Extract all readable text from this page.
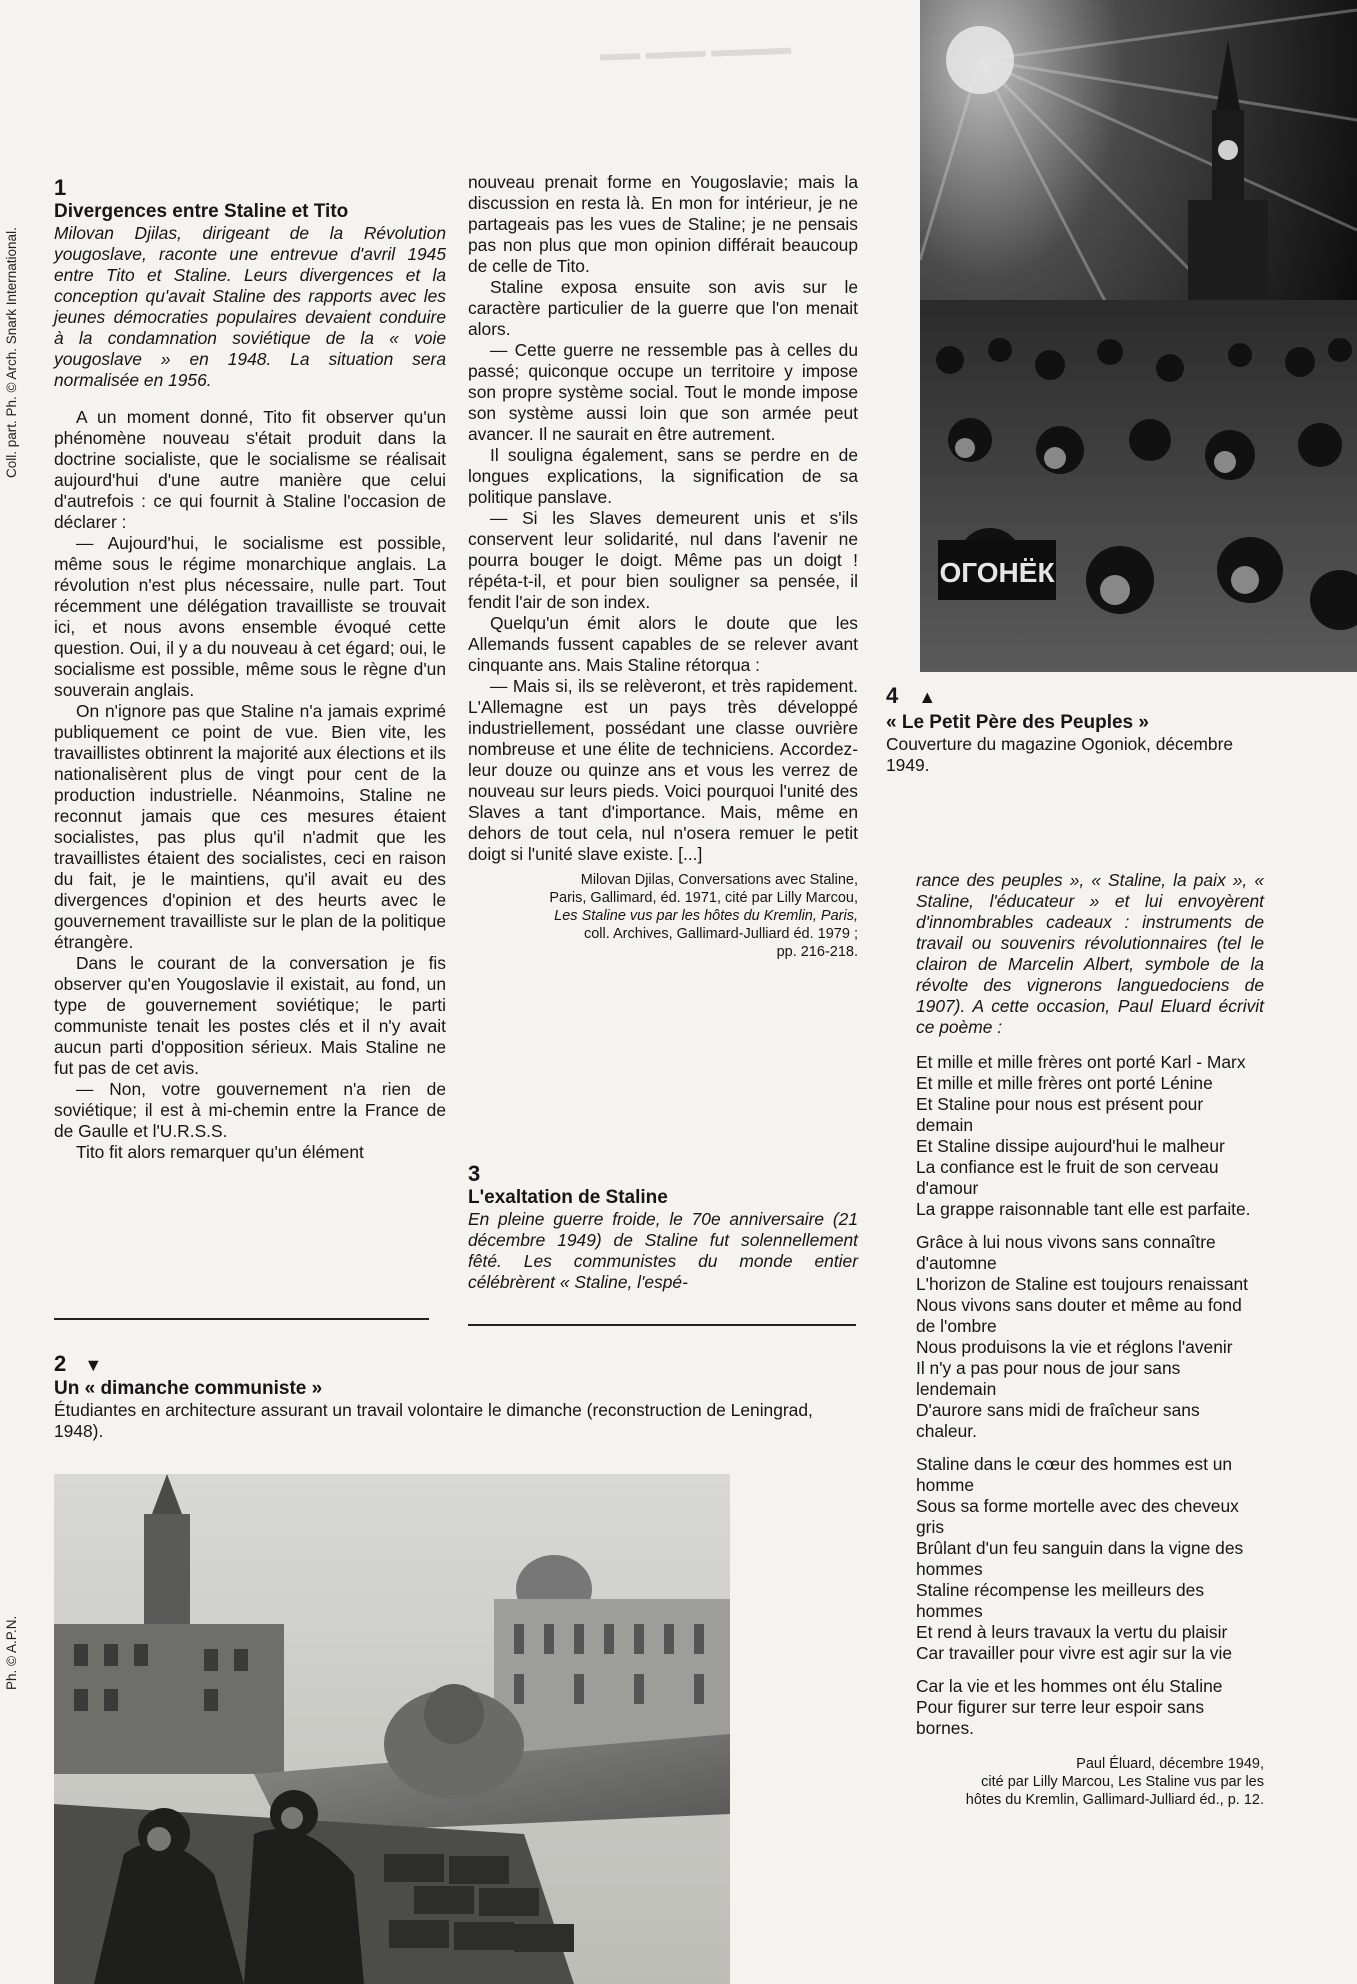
▬▬ ▬▬▬ ▬▬▬▬
Coll. part. Ph. © Arch. Snark International.
Ph. © A.P.N.
1
Divergences entre Staline et Tito

Milovan Djilas, dirigeant de la Révolution yougoslave, raconte une entrevue d'avril 1945 entre Tito et Staline. Leurs divergences et la conception qu'avait Staline des rapports avec les jeunes démocraties populaires devaient conduire à la condamnation soviétique de la « voie yougoslave » en 1948. La situation sera normalisée en 1956.

A un moment donné, Tito fit observer qu'un phénomène nouveau s'était produit dans la doctrine socialiste, que le socialisme se réalisait aujourd'hui d'une autre manière que celui d'autrefois : ce qui fournit à Staline l'occasion de déclarer :

— Aujourd'hui, le socialisme est possible, même sous le régime monarchique anglais. La révolution n'est plus nécessaire, nulle part. Tout récemment une délégation travailliste se trouvait ici, et nous avons ensemble évoqué cette question. Oui, il y a du nouveau à cet égard; oui, le socialisme est possible, même sous le règne d'un souverain anglais.

On n'ignore pas que Staline n'a jamais exprimé publiquement ce point de vue. Bien vite, les travaillistes obtinrent la majorité aux élections et ils nationalisèrent plus de vingt pour cent de la production industrielle. Néanmoins, Staline ne reconnut jamais que ces mesures étaient socialistes, pas plus qu'il n'admit que les travaillistes étaient des socialistes, ceci en raison du fait, je le maintiens, qu'il avait eu des divergences d'opinion et des heurts avec le gouvernement travailliste sur le plan de la politique étrangère.

Dans le courant de la conversation je fis observer qu'en Yougoslavie il existait, au fond, un type de gouvernement soviétique; le parti communiste tenait les postes clés et il n'y avait aucun parti d'opposition sérieux. Mais Staline ne fut pas de cet avis.

— Non, votre gouvernement n'a rien de soviétique; il est à mi-chemin entre la France de de Gaulle et l'U.R.S.S.

Tito fit alors remarquer qu'un élément

nouveau prenait forme en Yougoslavie; mais la discussion en resta là. En mon for intérieur, je ne partageais pas les vues de Staline; je ne pensais pas non plus que mon opinion différait beaucoup de celle de Tito.

Staline exposa ensuite son avis sur le caractère particulier de la guerre que l'on menait alors.

— Cette guerre ne ressemble pas à celles du passé; quiconque occupe un territoire y impose son propre système social. Tout le monde impose son système aussi loin que son armée peut avancer. Il ne saurait en être autrement.

Il souligna également, sans se perdre en de longues explications, la signification de sa politique panslave.

— Si les Slaves demeurent unis et s'ils conservent leur solidarité, nul dans l'avenir ne pourra bouger le doigt. Même pas un doigt ! répéta-t-il, et pour bien souligner sa pensée, il fendit l'air de son index.

Quelqu'un émit alors le doute que les Allemands fussent capables de se relever avant cinquante ans. Mais Staline rétorqua :

— Mais si, ils se relèveront, et très rapidement. L'Allemagne est un pays très développé industriellement, possédant une classe ouvrière nombreuse et une élite de techniciens. Accordez-leur douze ou quinze ans et vous les verrez de nouveau sur leurs pieds. Voici pourquoi l'unité des Slaves a tant d'importance. Mais, même en dehors de tout cela, nul n'osera remuer le petit doigt si l'unité slave existe. [...]

Milovan Djilas, Conversations avec Staline,
Paris, Gallimard, éd. 1971, cité par Lilly Marcou,
Les Staline vus par les hôtes du Kremlin, Paris,
coll. Archives, Gallimard-Julliard éd. 1979 ;
pp. 216-218.
3
L'exaltation de Staline

En pleine guerre froide, le 70e anniversaire (21 décembre 1949) de Staline fut solennellement fêté. Les communistes du monde entier célébrèrent « Staline, l'espé-

ОГОНЁК
4 ▲
« Le Petit Père des Peuples »
Couverture du magazine Ogoniok, décembre 1949.

rance des peuples », « Staline, la paix », « Staline, l'éducateur » et lui envoyèrent d'innombrables cadeaux : instruments de travail ou souvenirs révolutionnaires (tel le clairon de Marcelin Albert, symbole de la révolte des vignerons languedociens de 1907). A cette occasion, Paul Eluard écrivit ce poème :

Et mille et mille frères ont porté Karl - Marx

Et mille et mille frères ont porté Lénine

Et Staline pour nous est présent pour demain

Et Staline dissipe aujourd'hui le malheur

La confiance est le fruit de son cerveau d'amour

La grappe raisonnable tant elle est parfaite.

Grâce à lui nous vivons sans connaître d'automne

L'horizon de Staline est toujours renaissant

Nous vivons sans douter et même au fond de l'ombre

Nous produisons la vie et réglons l'avenir

Il n'y a pas pour nous de jour sans lendemain

D'aurore sans midi de fraîcheur sans chaleur.

Staline dans le cœur des hommes est un homme

Sous sa forme mortelle avec des cheveux gris

Brûlant d'un feu sanguin dans la vigne des hommes

Staline récompense les meilleurs des hommes

Et rend à leurs travaux la vertu du plaisir

Car travailler pour vivre est agir sur la vie

Car la vie et les hommes ont élu Staline

Pour figurer sur terre leur espoir sans bornes.

Paul Éluard, décembre 1949,
cité par Lilly Marcou, Les Staline vus par les
hôtes du Kremlin, Gallimard-Julliard éd., p. 12.
2 ▼
Un « dimanche communiste »
Étudiantes en architecture assurant un travail volontaire le dimanche (reconstruction de Leningrad, 1948).
